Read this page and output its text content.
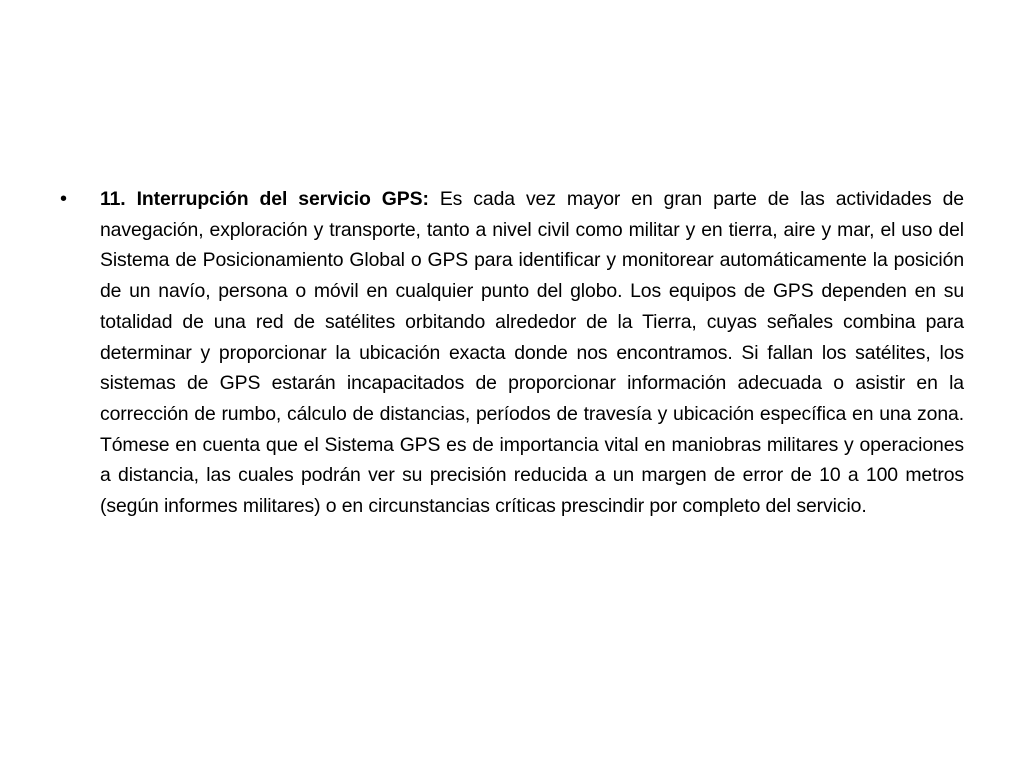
•	11. Interrupción del servicio GPS: Es cada vez mayor en gran parte de las actividades de navegación, exploración y transporte, tanto a nivel civil como militar y en tierra, aire y mar, el uso del Sistema de Posicionamiento Global o GPS para identificar y monitorear automáticamente la posición de un navío, persona o móvil en cualquier punto del globo. Los equipos de GPS dependen en su totalidad de una red de satélites orbitando alrededor de la Tierra, cuyas señales combina para determinar y proporcionar la ubicación exacta donde nos encontramos. Si fallan los satélites, los sistemas de GPS estarán incapacitados de proporcionar información adecuada o asistir en la corrección de rumbo, cálculo de distancias, períodos de travesía y ubicación específica en una zona. Tómese en cuenta que el Sistema GPS es de importancia vital en maniobras militares y operaciones a distancia, las cuales podrán ver su precisión reducida a un margen de error de 10 a 100 metros (según informes militares) o en circunstancias críticas prescindir por completo del servicio.
